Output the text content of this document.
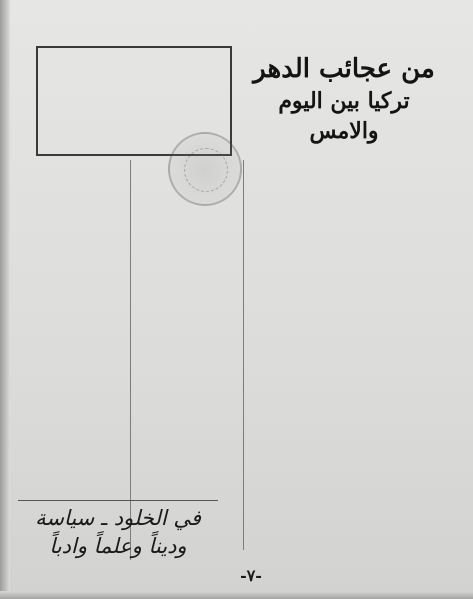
من عجائب الدهر
تركيا بين اليوم والامس
في الخلود ـ سياسة وديناً وعلماً وادباً
-٧-
